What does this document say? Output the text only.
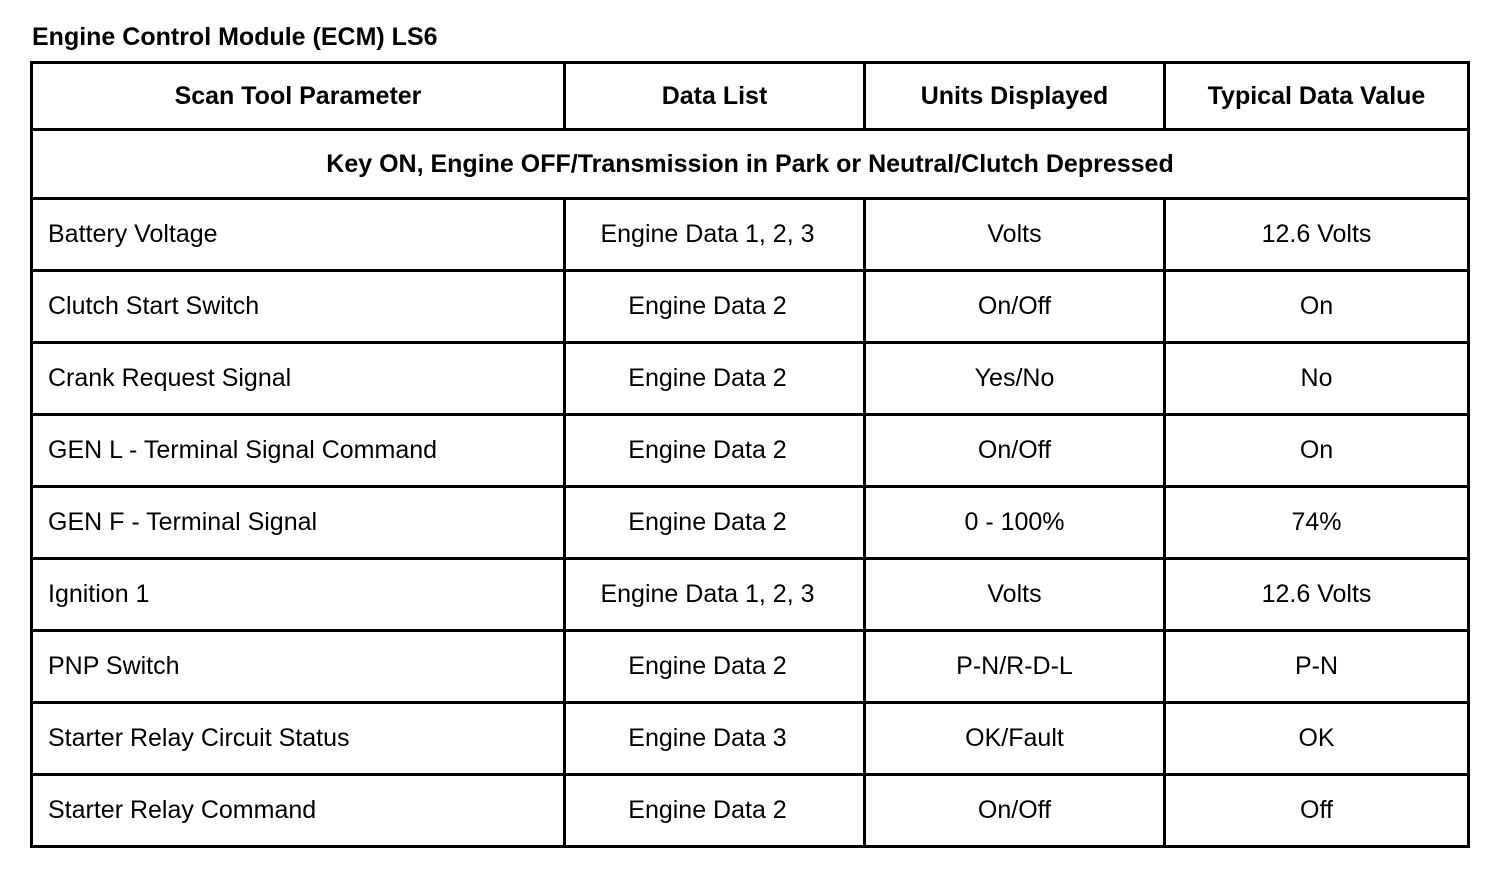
Engine Control Module (ECM) LS6
Scan Tool Parameter	Data List	Units Displayed	Typical Data Value
Key ON, Engine OFF/Transmission in Park or Neutral/Clutch Depressed			
Battery Voltage	Engine Data 1, 2, 3	Volts	12.6 Volts
Clutch Start Switch	Engine Data 2	On/Off	On
Crank Request Signal	Engine Data 2	Yes/No	No
GEN L - Terminal Signal Command	Engine Data 2	On/Off	On
GEN F - Terminal Signal	Engine Data 2	0 - 100%	74%
Ignition 1	Engine Data 1, 2, 3	Volts	12.6 Volts
PNP Switch	Engine Data 2	P-N/R-D-L	P-N
Starter Relay Circuit Status	Engine Data 3	OK/Fault	OK
Starter Relay Command	Engine Data 2	On/Off	Off
